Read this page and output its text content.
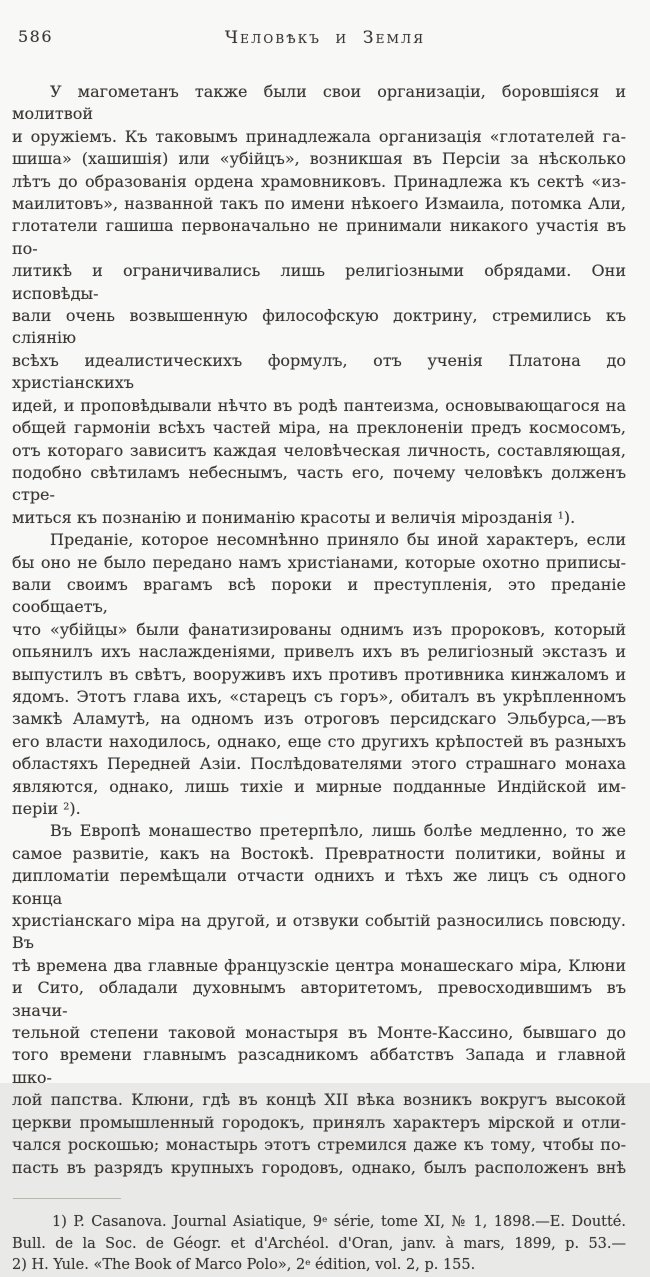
586	Человѣкъ и Земля
У магометанъ также были свои организаціи, боровшіяся и молитвой
и оружіемъ. Къ таковымъ принадлежала организація «глотателей га-
шиша» (хашишія) или «убійцъ», возникшая въ Персіи за нѣсколько
лѣтъ до образованія ордена храмовниковъ. Принадлежа къ сектѣ «из-
маилитовъ», названной такъ по имени нѣкоего Измаила, потомка Али,
глотатели гашиша первоначально не принимали никакого участія въ по-
литикѣ и ограничивались лишь религіозными обрядами. Они исповѣды-
вали очень возвышенную философскую доктрину, стремились къ сліянію
всѣхъ идеалистическихъ формулъ, отъ ученія Платона до христіанскихъ
идей, и проповѣдывали нѣчто въ родѣ пантеизма, основывающагося на
общей гармоніи всѣхъ частей міра, на преклоненіи предъ космосомъ,
отъ котораго зависитъ каждая человѣческая личность, составляющая,
подобно свѣтиламъ небеснымъ, часть его, почему человѣкъ долженъ стре-
миться къ познанію и пониманію красоты и величія мірозданія $^1$).
Преданіе, которое несомнѣнно приняло бы иной характеръ, если
бы оно не было передано намъ христіанами, которые охотно приписы-
вали своимъ врагамъ всѣ пороки и преступленія, это преданіе сообщаетъ,
что «убійцы» были фанатизированы однимъ изъ пророковъ, который
опьянилъ ихъ наслажденіями, привелъ ихъ въ религіозный экстазъ и
выпустилъ въ свѣтъ, вооруживъ ихъ противъ противника кинжаломъ и
ядомъ. Этотъ глава ихъ, «старецъ съ горъ», обиталъ въ укрѣпленномъ
замкѣ Аламутѣ, на одномъ изъ отроговъ персидскаго Эльбурса,—въ
его власти находилось, однако, еще сто другихъ крѣпостей въ разныхъ
областяхъ Передней Азіи. Послѣдователями этого страшнаго монаха
являются, однако, лишь тихіе и мирные подданные Индійской им-
періи $^2$).
Въ Европѣ монашество претерпѣло, лишь болѣе медленно, то же
самое развитіе, какъ на Востокѣ. Превратности политики, войны и
дипломатіи перемѣщали отчасти однихъ и тѣхъ же лицъ съ одного конца
христіанскаго міра на другой, и отзвуки событій разносились повсюду. Въ
тѣ времена два главные французскіе центра монашескаго міра, Клюни
и Сито, обладали духовнымъ авторитетомъ, превосходившимъ въ значи-
тельной степени таковой монастыря въ Монте-Кассино, бывшаго до
того времени главнымъ разсадникомъ аббатствъ Запада и главной шко-
лой папства. Клюни, гдѣ въ концѣ XII вѣка возникъ вокругъ высокой
церкви промышленный городокъ, принялъ характеръ мірской и отли-
чался роскошью; монастырь этотъ стремился даже къ тому, чтобы по-
пасть въ разрядъ крупныхъ городовъ, однако, былъ расположенъ внѣ
1) P. Casanova. Journal Asiatique, 9e série, tome XI, № 1, 1898.—E. Doutté.
Bull. de la Soc. de Géogr. et d'Archéol. d'Oran, janv. à mars, 1899, p. 53.—
2) H. Yule. «The Book of Marco Polo», 2e édition, vol. 2, p. 155.
